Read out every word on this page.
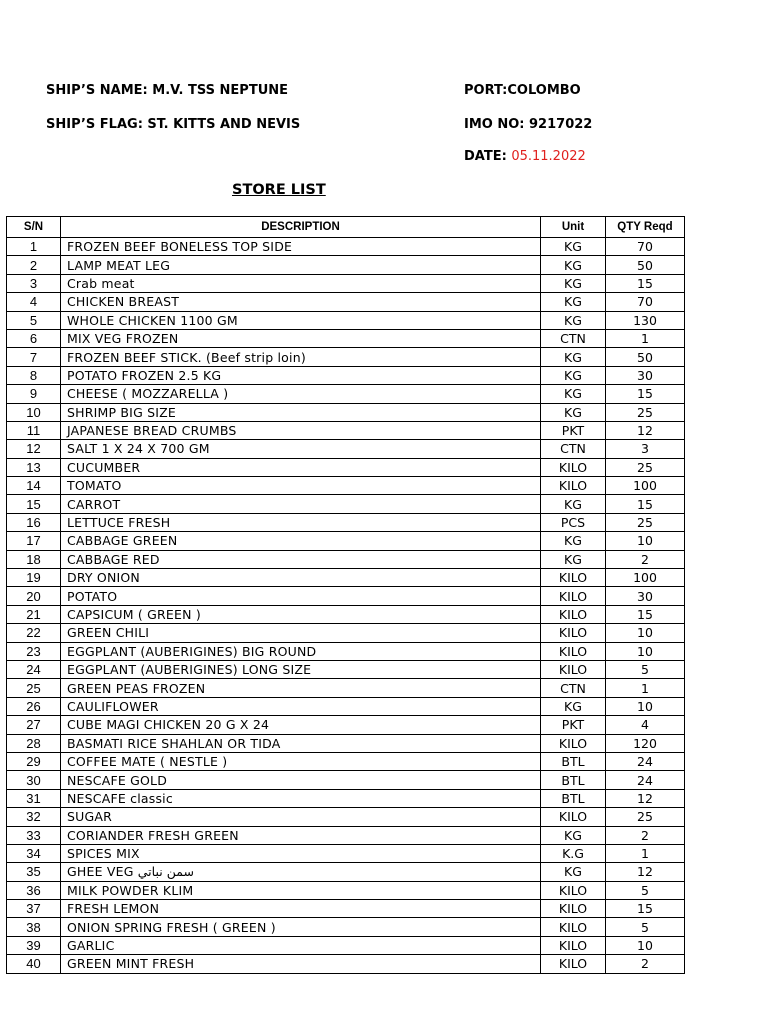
SHIP’S NAME: M.V. TSS NEPTUNE	PORT:COLOMBO
SHIP’S FLAG: ST. KITTS AND NEVIS	IMO NO: 9217022
DATE: 05.11.2022
STORE LIST
S/N	DESCRIPTION	Unit	QTY Reqd
1	FROZEN BEEF BONELESS TOP SIDE	KG	70
2	LAMP MEAT LEG	KG	50
3	Crab meat	KG	15
4	CHICKEN BREAST	KG	70
5	WHOLE CHICKEN 1100 GM	KG	130
6	MIX VEG FROZEN	CTN	1
7	FROZEN BEEF STICK. (Beef strip loin)	KG	50
8	POTATO FROZEN 2.5 KG	KG	30
9	CHEESE ( MOZZARELLA )	KG	15
10	SHRIMP BIG SIZE	KG	25
11	JAPANESE BREAD CRUMBS	PKT	12
12	SALT 1 X 24 X 700 GM	CTN	3
13	CUCUMBER	KILO	25
14	TOMATO	KILO	100
15	CARROT	KG	15
16	LETTUCE FRESH	PCS	25
17	CABBAGE GREEN	KG	10
18	CABBAGE RED	KG	2
19	DRY ONION	KILO	100
20	POTATO	KILO	30
21	CAPSICUM ( GREEN )	KILO	15
22	GREEN CHILI	KILO	10
23	EGGPLANT (AUBERIGINES) BIG ROUND	KILO	10
24	EGGPLANT (AUBERIGINES) LONG SIZE	KILO	5
25	GREEN PEAS FROZEN	CTN	1
26	CAULIFLOWER	KG	10
27	CUBE MAGI CHICKEN 20 G X 24	PKT	4
28	BASMATI RICE SHAHLAN OR TIDA	KILO	120
29	COFFEE MATE ( NESTLE )	BTL	24
30	NESCAFE GOLD	BTL	24
31	NESCAFE classic	BTL	12
32	SUGAR	KILO	25
33	CORIANDER FRESH GREEN	KG	2
34	SPICES MIX	K.G	1
35	GHEE VEG سمن نباتي	KG	12
36	MILK POWDER KLIM	KILO	5
37	FRESH LEMON	KILO	15
38	ONION SPRING FRESH ( GREEN )	KILO	5
39	GARLIC	KILO	10
40	GREEN MINT FRESH	KILO	2
